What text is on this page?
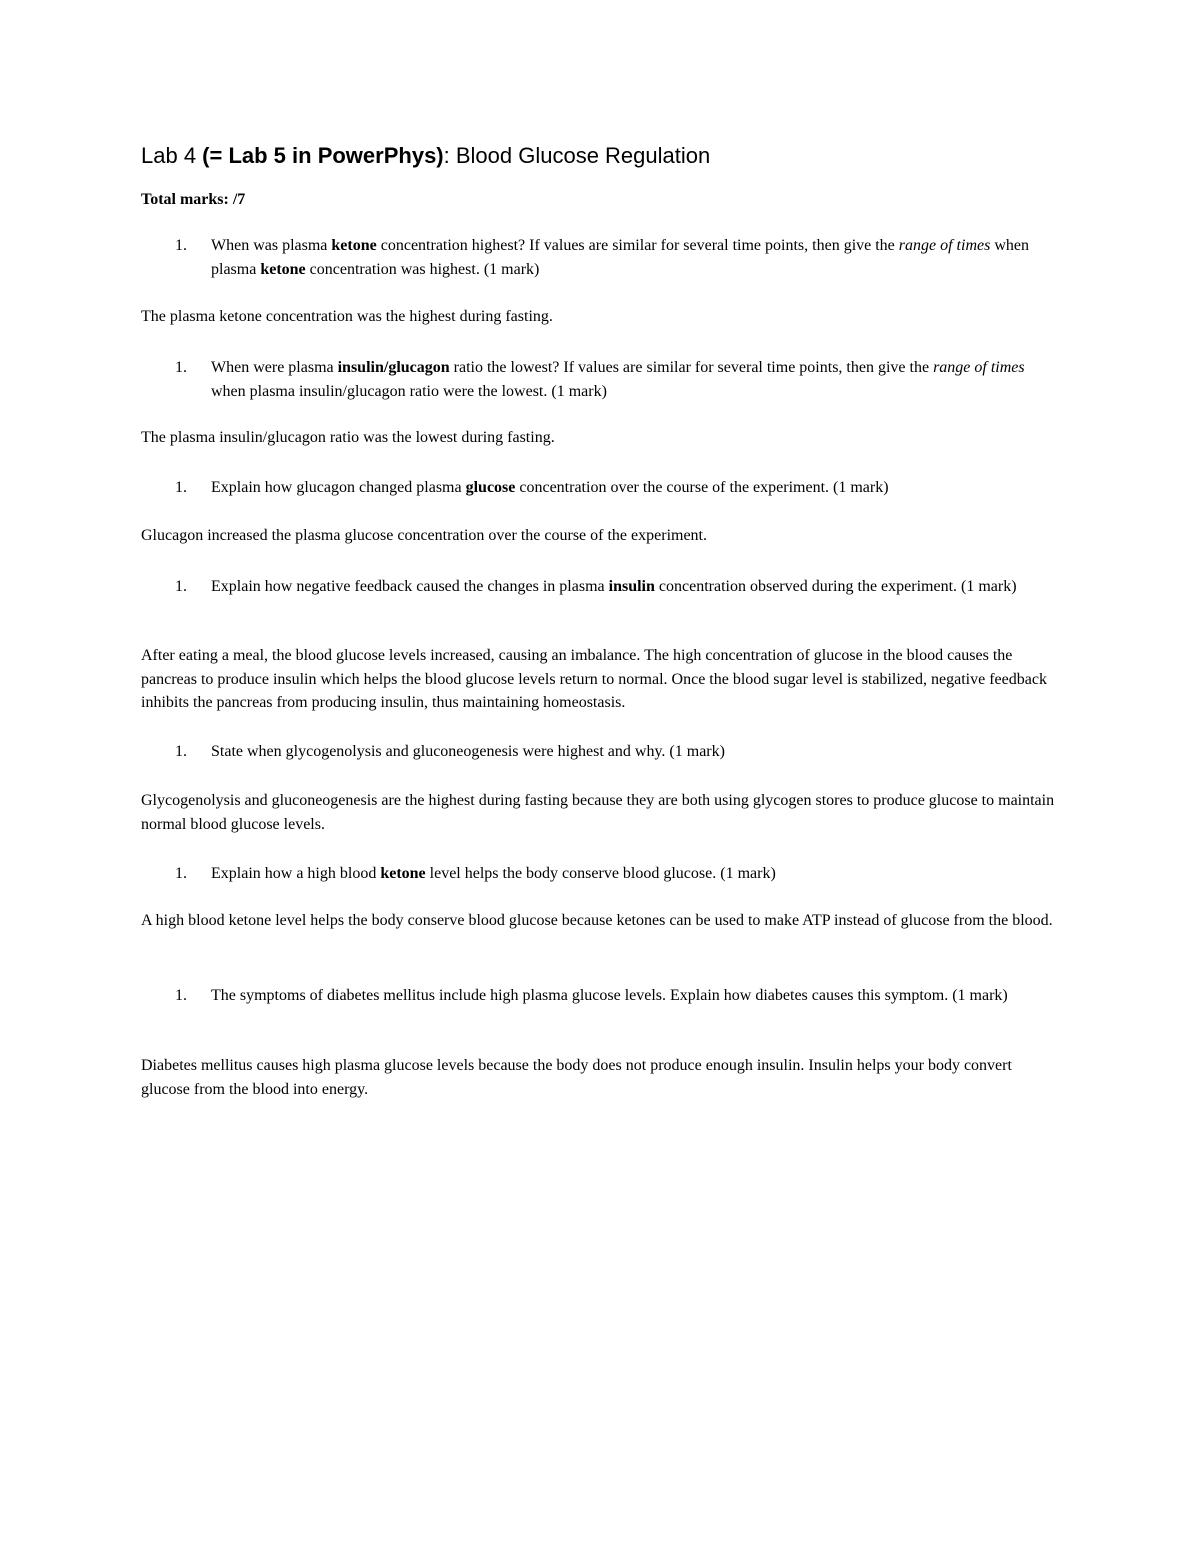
Lab 4 (= Lab 5 in PowerPhys): Blood Glucose Regulation
Total marks: /7
1. When was plasma ketone concentration highest? If values are similar for several time points, then give the range of times when plasma ketone concentration was highest. (1 mark)
The plasma ketone concentration was the highest during fasting.
1. When were plasma insulin/glucagon ratio the lowest? If values are similar for several time points, then give the range of times when plasma insulin/glucagon ratio were the lowest. (1 mark)
The plasma insulin/glucagon ratio was the lowest during fasting.
1. Explain how glucagon changed plasma glucose concentration over the course of the experiment. (1 mark)
Glucagon increased the plasma glucose concentration over the course of the experiment.
1. Explain how negative feedback caused the changes in plasma insulin concentration observed during the experiment. (1 mark)
After eating a meal, the blood glucose levels increased, causing an imbalance. The high concentration of glucose in the blood causes the pancreas to produce insulin which helps the blood glucose levels return to normal. Once the blood sugar level is stabilized, negative feedback inhibits the pancreas from producing insulin, thus maintaining homeostasis.
1. State when glycogenolysis and gluconeogenesis were highest and why. (1 mark)
Glycogenolysis and gluconeogenesis are the highest during fasting because they are both using glycogen stores to produce glucose to maintain normal blood glucose levels.
1. Explain how a high blood ketone level helps the body conserve blood glucose. (1 mark)
A high blood ketone level helps the body conserve blood glucose because ketones can be used to make ATP instead of glucose from the blood.
1. The symptoms of diabetes mellitus include high plasma glucose levels. Explain how diabetes causes this symptom. (1 mark)
Diabetes mellitus causes high plasma glucose levels because the body does not produce enough insulin. Insulin helps your body convert glucose from the blood into energy.
